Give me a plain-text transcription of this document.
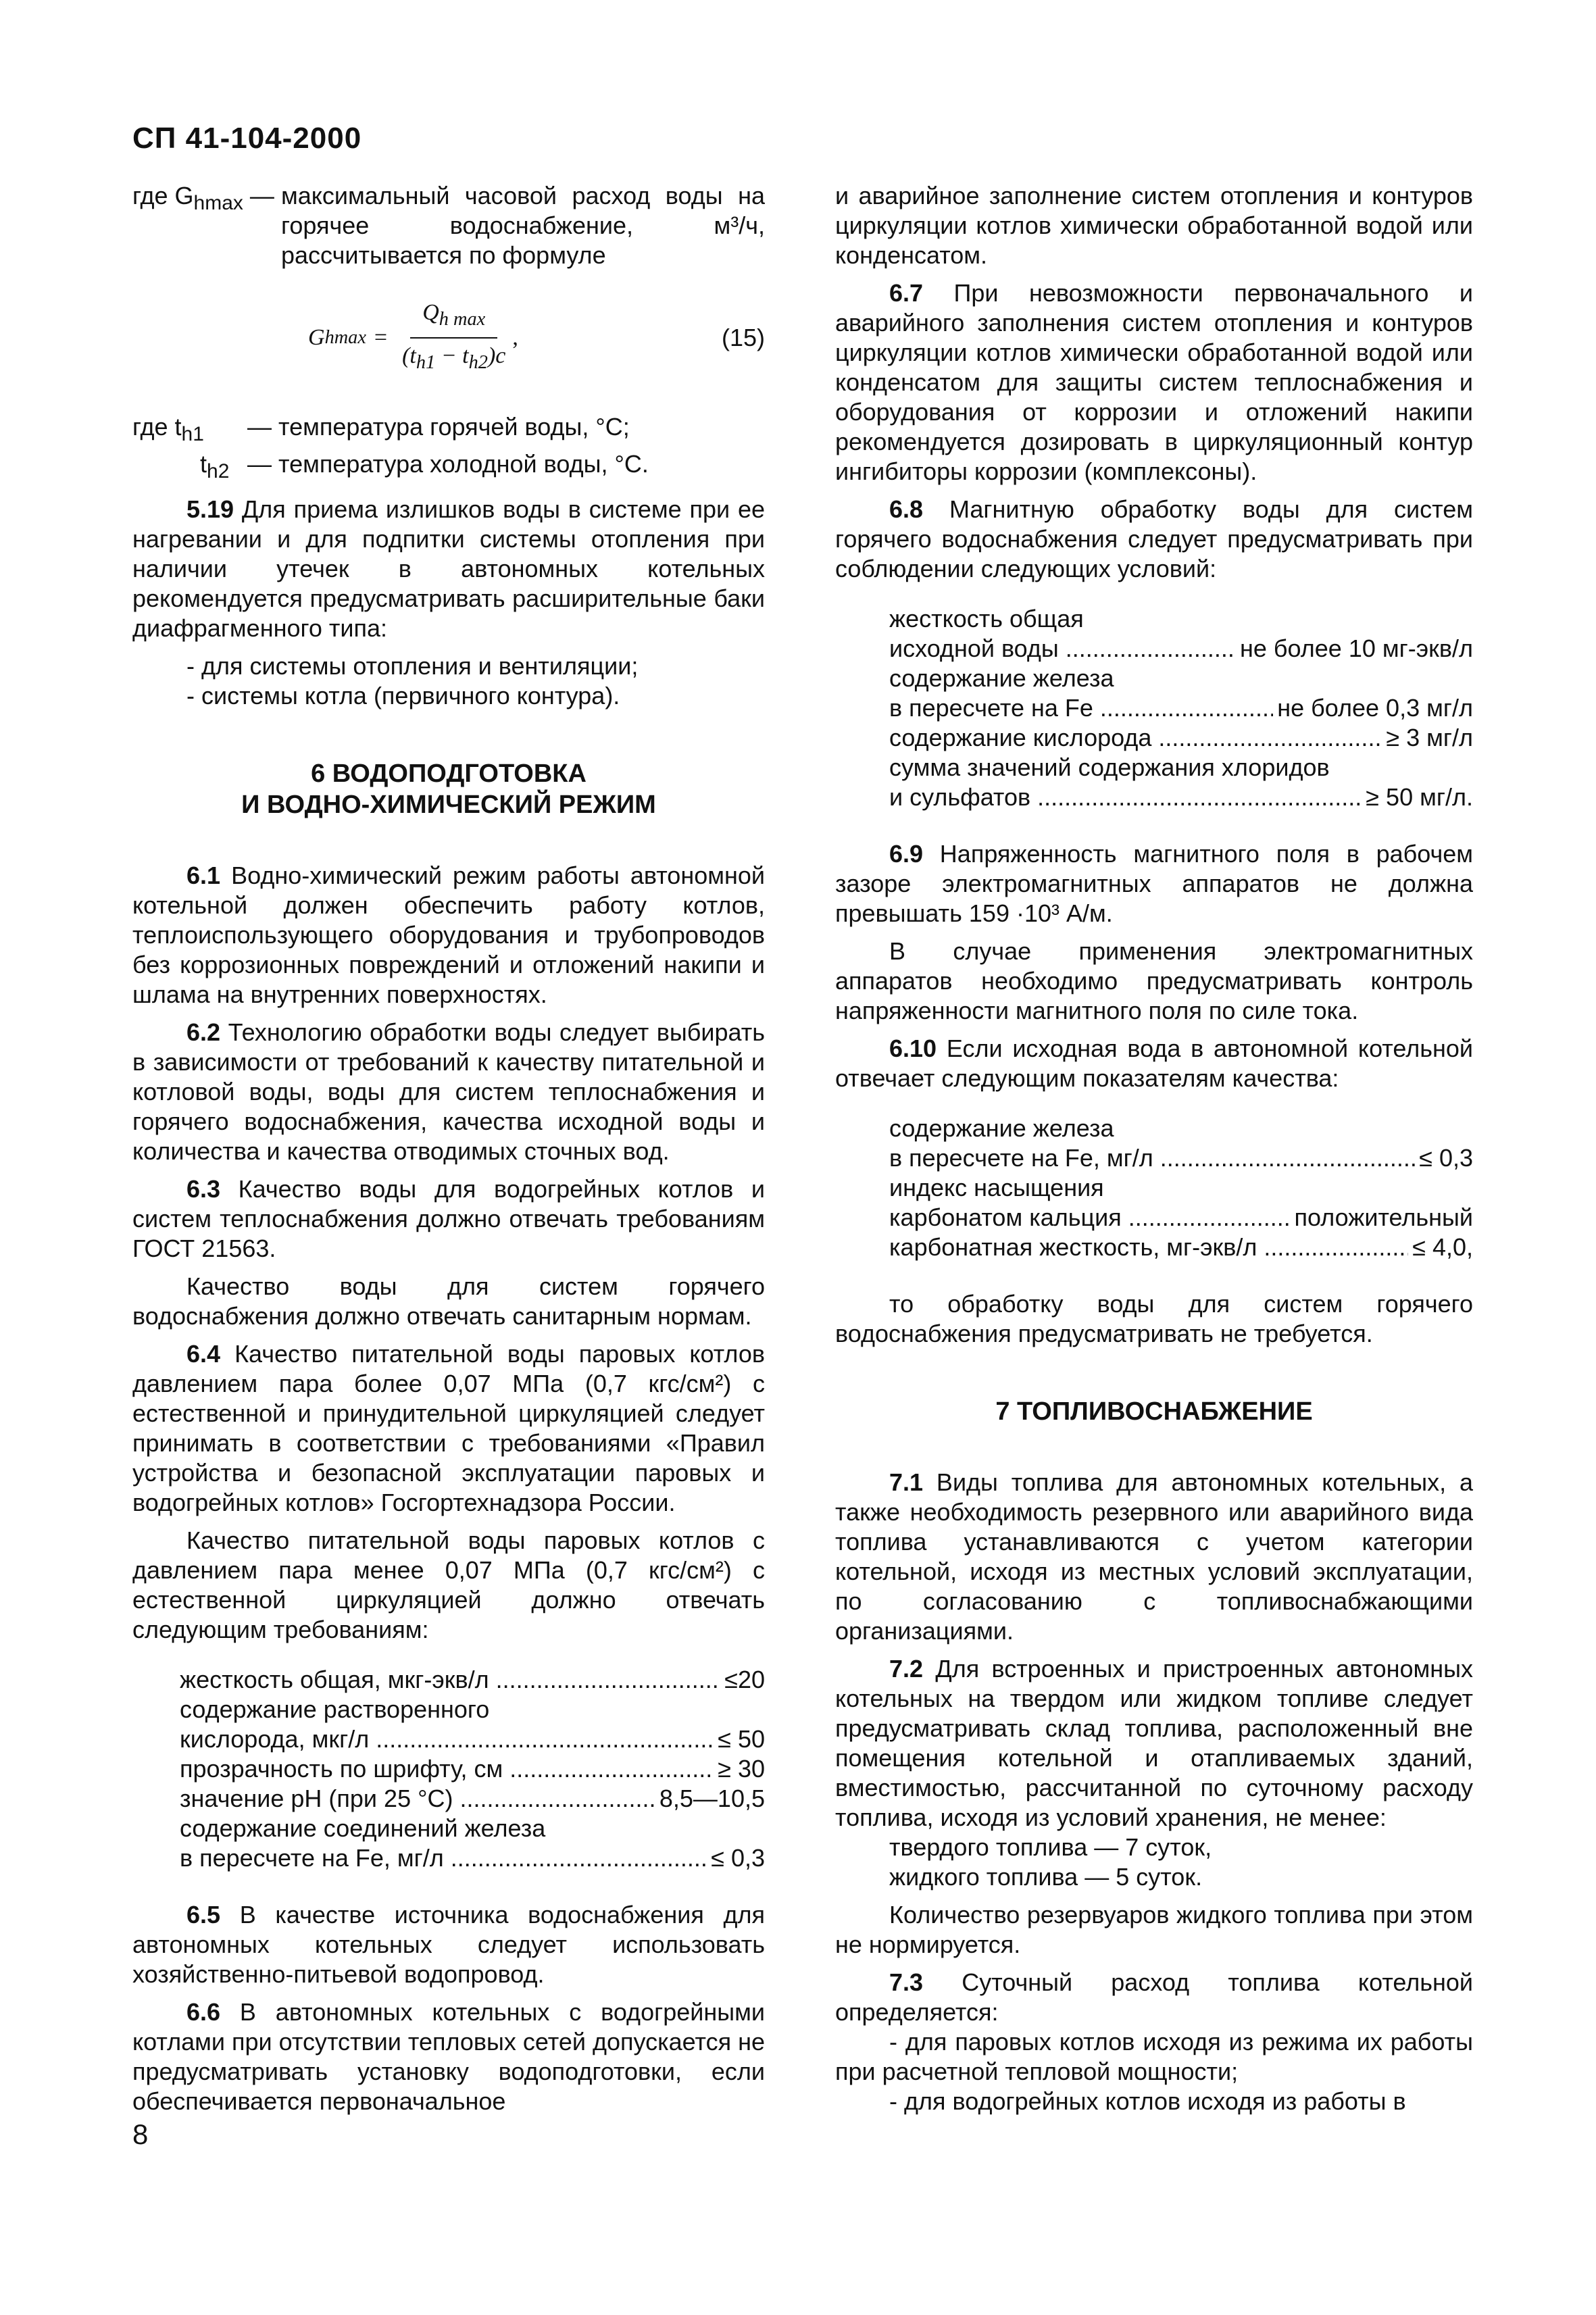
СП 41-104-2000
где $G_{hmax}$ — максимальный часовой расход воды на горячее водоснабжение, м³/ч, рассчитывается по формуле
G $hmax = \frac{Q_{h max}}{(t_{h1} - t_{h2})c}$ ,	(15)
где $t_{h1}$	— температура горячей воды, °С;
$t_{h2}$ — температура холодной воды, °С.

5.19 Для приема излишков воды в системе при ее нагревании и для подпитки системы отопления при наличии утечек в автономных котельных рекомендуется предусматривать расширительные баки диафрагменного типа:

- для системы отопления и вентиляции;

- системы котла (первичного контура).

6 ВОДОПОДГОТОВКА
И ВОДНО-ХИМИЧЕСКИЙ РЕЖИМ

6.1 Водно-химический режим работы автономной котельной должен обеспечить работу котлов, теплоиспользующего оборудования и трубопроводов без коррозионных повреждений и отложений накипи и шлама на внутренних поверхностях.

6.2 Технологию обработки воды следует выбирать в зависимости от требований к качеству питательной и котловой воды, воды для систем теплоснабжения и горячего водоснабжения, качества исходной воды и количества и качества отводимых сточных вод.

6.3 Качество воды для водогрейных котлов и систем теплоснабжения должно отвечать требованиям ГОСТ 21563.

Качество воды для систем горячего водоснабжения должно отвечать санитарным нормам.

6.4 Качество питательной воды паровых котлов давлением пара более 0,07 МПа (0,7 кгс/см²) с естественной и принудительной циркуляцией следует принимать в соответствии с требованиями «Правил устройства и безопасной эксплуатации паровых и водогрейных котлов» Госгортехнадзора России.

Качество питательной воды паровых котлов с давлением пара менее 0,07 МПа (0,7 кгс/см²) с естественной циркуляцией должно отвечать следующим требованиям:

жесткость общая, мкг-экв/л .....	≤20
содержание растворенного
кислорода, мкг/л .....	≤ 50
прозрачность по шрифту, см .....	≥ 30
значение pH (при 25 °С) .....	8,5—10,5
содержание соединений железа
в пересчете на Fe, мг/л .....	≤ 0,3

6.5 В качестве источника водоснабжения для автономных котельных следует использовать хозяйственно-питьевой водопровод.

6.6 В автономных котельных с водогрейными котлами при отсутствии тепловых сетей допускается не предусматривать установку водоподготовки, если обеспечивается первоначальное

и аварийное заполнение систем отопления и контуров циркуляции котлов химически обработанной водой или конденсатом.

6.7 При невозможности первоначального и аварийного заполнения систем отопления и контуров циркуляции котлов химически обработанной водой или конденсатом для защиты систем теплоснабжения и оборудования от коррозии и отложений накипи рекомендуется дозировать в циркуляционный контур ингибиторы коррозии (комплексоны).

6.8 Магнитную обработку воды для систем горячего водоснабжения следует предусматривать при соблюдении следующих условий:

жесткость общая
исходной воды .....	не более 10 мг-экв/л
содержание железа
в пересчете на Fe .....	не более 0,3 мг/л
содержание кислорода .....	≥ 3 мг/л
сумма значений содержания хлоридов
и сульфатов .....	≥ 50 мг/л.

6.9 Напряженность магнитного поля в рабочем зазоре электромагнитных аппаратов не должна превышать 159 ·10³ А/м.

В случае применения электромагнитных аппаратов необходимо предусматривать контроль напряженности магнитного поля по силе тока.

6.10 Если исходная вода в автономной котельной отвечает следующим показателям качества:

содержание железа
в пересчете на Fe, мг/л .....	≤ 0,3
индекс насыщения
карбонатом кальция .....	положительный
карбонатная жесткость, мг-экв/л .....	≤ 4,0,

то обработку воды для систем горячего водоснабжения предусматривать не требуется.

7 ТОПЛИВОСНАБЖЕНИЕ

7.1 Виды топлива для автономных котельных, а также необходимость резервного или аварийного вида топлива устанавливаются с учетом категории котельной, исходя из местных условий эксплуатации, по согласованию с топливоснабжающими организациями.

7.2 Для встроенных и пристроенных автономных котельных на твердом или жидком топливе следует предусматривать склад топлива, расположенный вне помещения котельной и отапливаемых зданий, вместимостью, рассчитанной по суточному расходу топлива, исходя из условий хранения, не менее:

твердого топлива — 7 суток,

жидкого топлива — 5 суток.

Количество резервуаров жидкого топлива при этом не нормируется.

7.3 Суточный расход топлива котельной определяется:

- для паровых котлов исходя из режима их работы при расчетной тепловой мощности;

- для водогрейных котлов исходя из работы в

8
